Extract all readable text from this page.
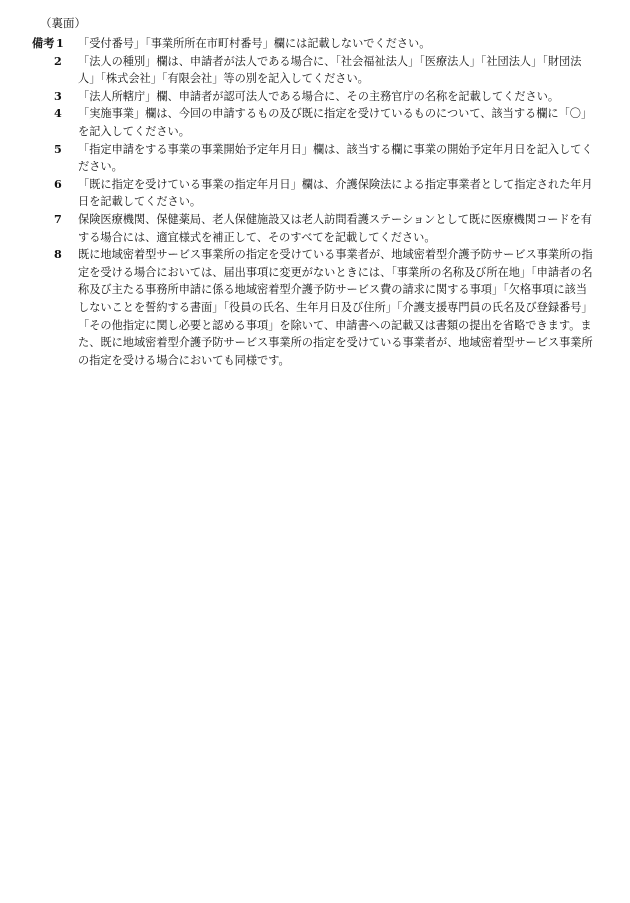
（裏面）
備考 1	「受付番号」「事業所所在市町村番号」欄には記載しないでください。
2	「法人の種別」欄は、申請者が法人である場合に、「社会福祉法人」「医療法人」「社団法人」「財団法人」「株式会社」「有限会社」等の別を記入してください。
3	「法人所轄庁」欄、申請者が認可法人である場合に、その主務官庁の名称を記載してください。
4	「実施事業」欄は、今回の申請するもの及び既に指定を受けているものについて、該当する欄に「〇」を記入してください。
5	「指定申請をする事業の事業開始予定年月日」欄は、該当する欄に事業の開始予定年月日を記入してください。
6	「既に指定を受けている事業の指定年月日」欄は、介護保険法による指定事業者として指定された年月日を記載してください。
7	保険医療機関、保健薬局、老人保健施設又は老人訪問看護ステーションとして既に医療機関コードを有する場合には、適宜様式を補正して、そのすべてを記載してください。
8	既に地域密着型サービス事業所の指定を受けている事業者が、地域密着型介護予防サービス事業所の指定を受ける場合においては、届出事項に変更がないときには、「事業所の名称及び所在地」「申請者の名称及び主たる事務所申請に係る地域密着型介護予防サービス費の請求に関する事項」「欠格事項に該当しないことを誓約する書面」「役員の氏名、生年月日及び住所」「介護支援専門員の氏名及び登録番号」「その他指定に関し必要と認める事項」を除いて、申請書への記載又は書類の提出を省略できます。また、既に地域密着型介護予防サービス事業所の指定を受けている事業者が、地域密着型サービス事業所の指定を受ける場合においても同様です。
